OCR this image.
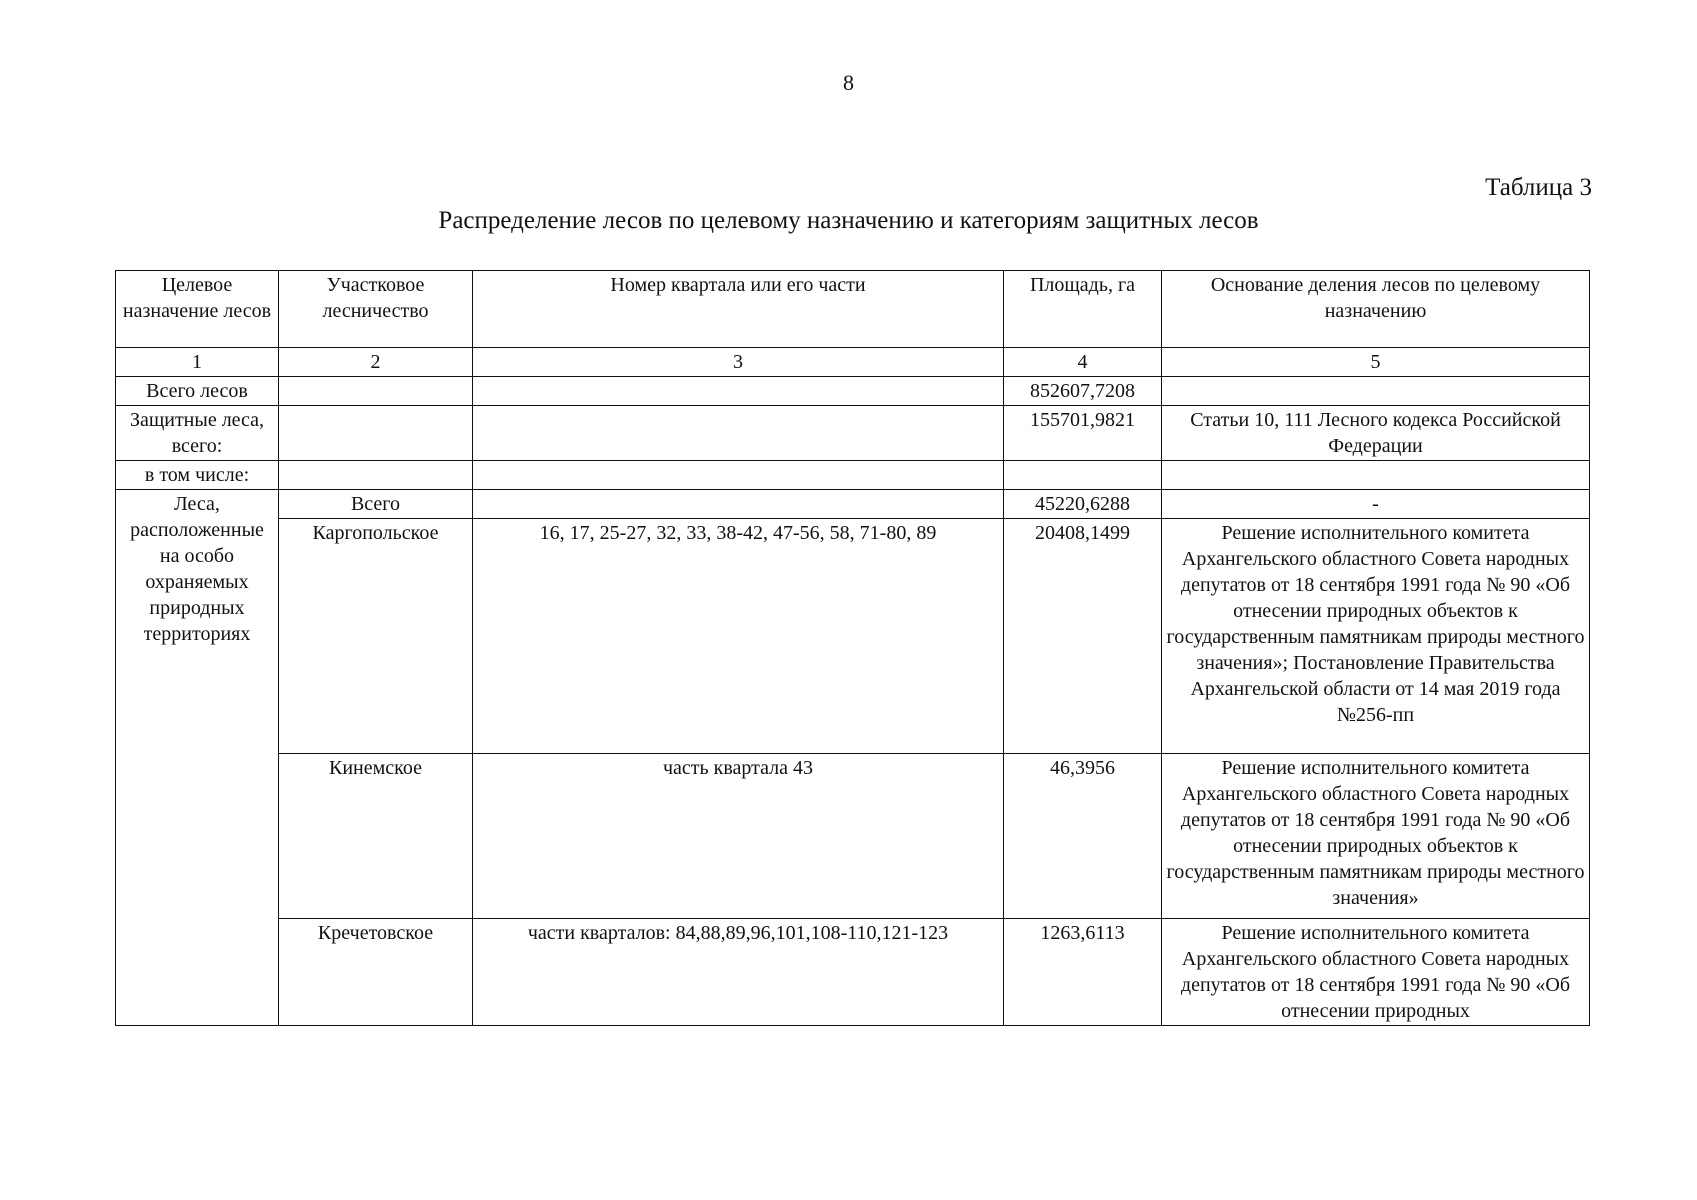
8
Таблица 3
Распределение лесов по целевому назначению и категориям защитных лесов
Целевое назначение лесов	Участковое лесничество	Номер квартала или его части	Площадь, га	Основание деления лесов по целевому назначению
1	2	3	4	5
Всего лесов			852607,7208	
Защитные леса, всего:			155701,9821	Статьи 10, 111 Лесного кодекса Российской Федерации
в том числе:				
Леса, расположенные на особо охраняемых природных территориях	Всего		45220,6288	-
	Каргопольское	16, 17, 25-27, 32, 33, 38-42, 47-56, 58, 71-80, 89	20408,1499	Решение исполнительного комитета Архангельского областного Совета народных депутатов от 18 сентября 1991 года № 90 «Об отнесении природных объектов к государственным памятникам природы местного значения»; Постановление Правительства Архангельской области от 14 мая 2019 года №256-пп
	Кинемское	часть квартала 43	46,3956	Решение исполнительного комитета Архангельского областного Совета народных депутатов от 18 сентября 1991 года № 90 «Об отнесении природных объектов к государственным памятникам природы местного значения»
	Кречетовское	части кварталов: 84,88,89,96,101,108-110,121-123	1263,6113	Решение исполнительного комитета Архангельского областного Совета народных депутатов от 18 сентября 1991 года № 90 «Об отнесении природных
